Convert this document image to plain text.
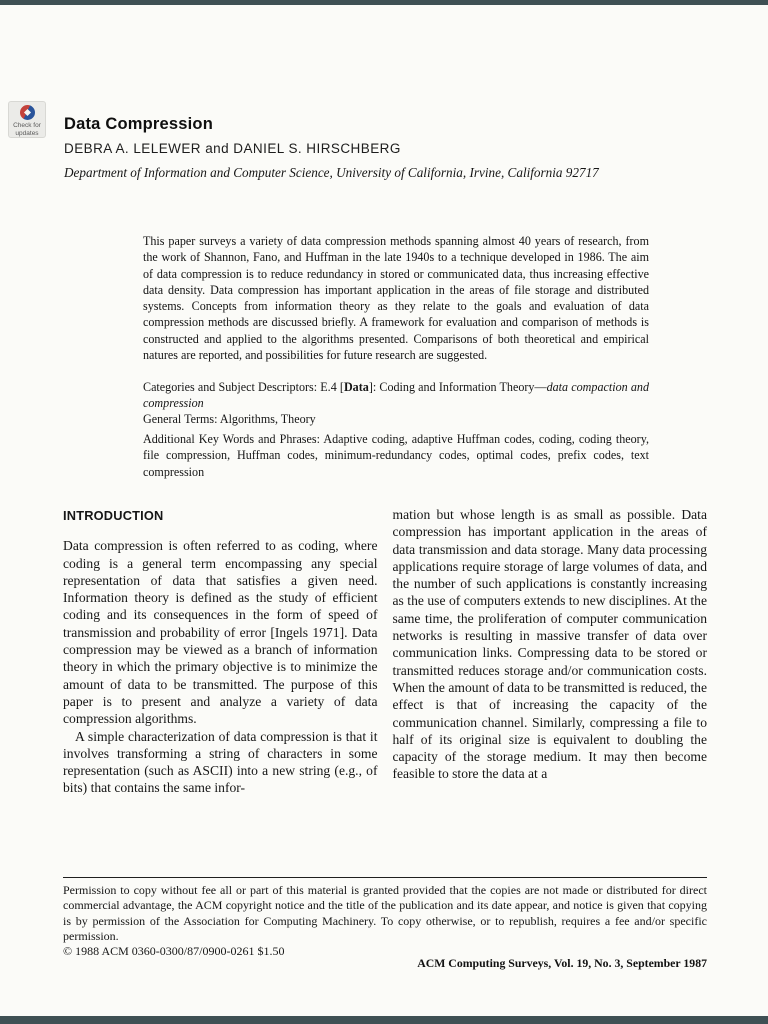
Check for
updates Data Compression
DEBRA A. LELEWER and DANIEL S. HIRSCHBERG
Department of Information and Computer Science, University of California, Irvine, California 92717
This paper surveys a variety of data compression methods spanning almost 40 years of research, from the work of Shannon, Fano, and Huffman in the late 1940s to a technique developed in 1986. The aim of data compression is to reduce redundancy in stored or communicated data, thus increasing effective data density. Data compression has important application in the areas of file storage and distributed systems. Concepts from information theory as they relate to the goals and evaluation of data compression methods are discussed briefly. A framework for evaluation and comparison of methods is constructed and applied to the algorithms presented. Comparisons of both theoretical and empirical natures are reported, and possibilities for future research are suggested.
Categories and Subject Descriptors: E.4 [Data]: Coding and Information Theory—data compaction and compression
General Terms: Algorithms, Theory
Additional Key Words and Phrases: Adaptive coding, adaptive Huffman codes, coding, coding theory, file compression, Huffman codes, minimum-redundancy codes, optimal codes, prefix codes, text compression
INTRODUCTION

Data compression is often referred to as coding, where coding is a general term encompassing any special representation of data that satisfies a given need. Information theory is defined as the study of efficient coding and its consequences in the form of speed of transmission and probability of error [Ingels 1971]. Data compression may be viewed as a branch of information theory in which the primary objective is to minimize the amount of data to be transmitted. The purpose of this paper is to present and analyze a variety of data compression algorithms.

A simple characterization of data compression is that it involves transforming a string of characters in some representation (such as ASCII) into a new string (e.g., of bits) that contains the same infor-

mation but whose length is as small as possible. Data compression has important application in the areas of data transmission and data storage. Many data processing applications require storage of large volumes of data, and the number of such applications is constantly increasing as the use of computers extends to new disciplines. At the same time, the proliferation of computer communication networks is resulting in massive transfer of data over communication links. Compressing data to be stored or transmitted reduces storage and/or communication costs. When the amount of data to be transmitted is reduced, the effect is that of increasing the capacity of the communication channel. Similarly, compressing a file to half of its original size is equivalent to doubling the capacity of the storage medium. It may then become feasible to store the data at a

Permission to copy without fee all or part of this material is granted provided that the copies are not made or distributed for direct commercial advantage, the ACM copyright notice and the title of the publication and its date appear, and notice is given that copying is by permission of the Association for Computing Machinery. To copy otherwise, or to republish, requires a fee and/or specific permission.

© 1988 ACM 0360-0300/87/0900-0261 $1.50

ACM Computing Surveys, Vol. 19, No. 3, September 1987
